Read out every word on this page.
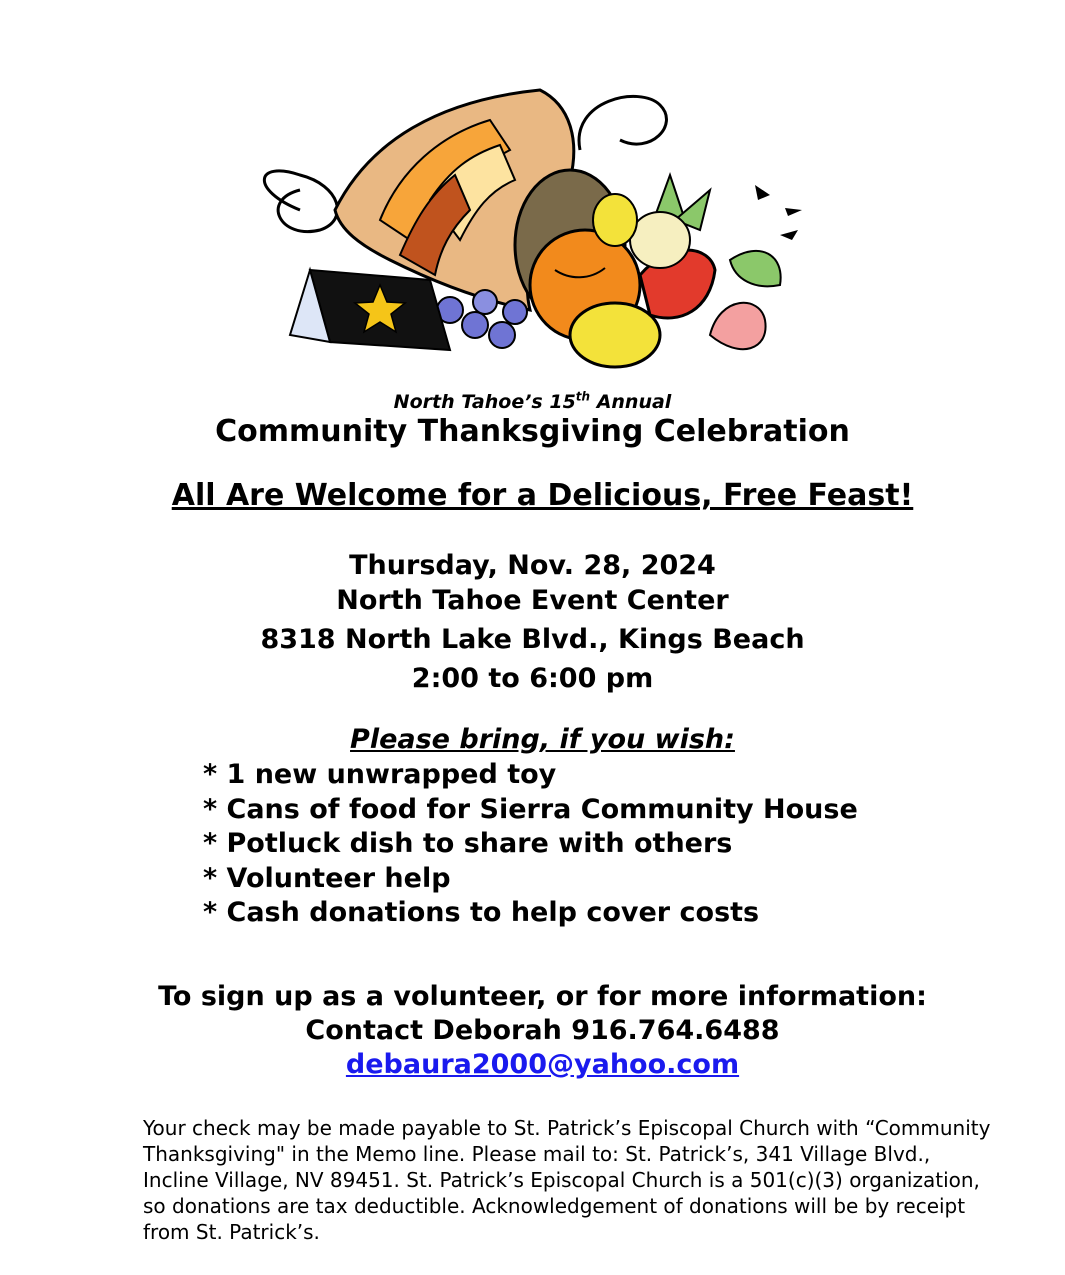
North Tahoe’s 15th Annual
Community Thanksgiving Celebration
All Are Welcome for a Delicious, Free Feast!
Thursday, Nov. 28, 2024
North Tahoe Event Center
8318 North Lake Blvd., Kings Beach
2:00 to 6:00 pm
Please bring, if you wish:
* 1 new unwrapped toy
* Cans of food for Sierra Community House
* Potluck dish to share with others
* Volunteer help
* Cash donations to help cover costs
To sign up as a volunteer, or for more information:
Contact Deborah 916.764.6488
debaura2000@yahoo.com
Your check may be made payable to St. Patrick’s Episcopal Church with “Community Thanksgiving" in the Memo line. Please mail to: St. Patrick’s, 341 Village Blvd., Incline Village, NV 89451. St. Patrick’s Episcopal Church is a 501(c)(3) organization, so donations are tax deductible. Acknowledgement of donations will be by receipt from St. Patrick’s.
